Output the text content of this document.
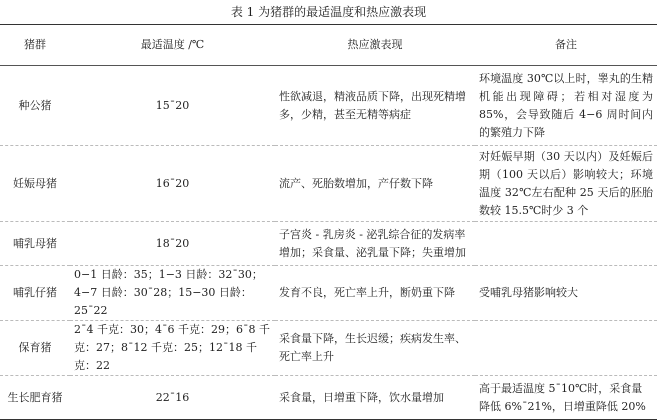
表 1 为猪群的最适温度和热应激表现
猪群	最适温度 /℃	热应激表现	备注
种公猪	15¯20	性欲减退，精液品质下降，出现死精增多，少精，甚至无精等病症	环境温度 30℃以上时，睾丸的生精机能出现障碍；若相对湿度为 85%，会导致随后 4−6 周时间内的繁殖力下降
妊娠母猪	16¯20	流产、死胎数增加，产仔数下降	对妊娠早期（30 天以内）及妊娠后期（100 天以后）影响较大；环境温度 32℃左右配种 25 天后的胚胎数较 15.5℃时少 3 个
哺乳母猪	18¯20	子宫炎 - 乳房炎 - 泌乳综合征的发病率增加；采食量、泌乳量下降；失重增加	
哺乳仔猪	0−1 日龄：35；1−3 日龄：32¯30；4−7 日龄：30¯28；15−30 日龄：25¯22	发育不良，死亡率上升，断奶重下降	受哺乳母猪影响较大
保育猪	2¯4 千克：30；4¯6 千克：29；6¯8 千克：27；8¯12 千克：25；12¯18 千克：22	采食量下降，生长迟缓；疾病发生率、死亡率上升	
生长肥育猪	22¯16	采食量，日增重下降，饮水量增加	高于最适温度 5¯10℃时，采食量降低 6%¯21%，日增重降低 20%
